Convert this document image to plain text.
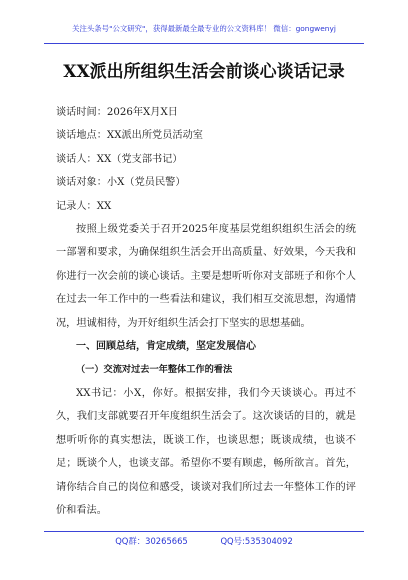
关注头条号"公文研究"，获得最新最全最专业的公文资料库！ 微信：gongwenyj
XX派出所组织生活会前谈心谈话记录
谈话时间：2026年X月X日
谈话地点：XX派出所党员活动室
谈话人：XX（党支部书记）
谈话对象：小X（党员民警）
记录人：XX

按照上级党委关于召开2025年度基层党组织组织生活会的统一部署和要求，为确保组织生活会开出高质量、好效果，今天我和你进行一次会前的谈心谈话。主要是想听听你对支部班子和你个人在过去一年工作中的一些看法和建议，我们相互交流思想，沟通情况，坦诚相待，为开好组织生活会打下坚实的思想基础。

一、回顾总结，肯定成绩，坚定发展信心
（一）交流对过去一年整体工作的看法

XX书记：小X，你好。根据安排，我们今天谈谈心。再过不久，我们支部就要召开年度组织生活会了。这次谈话的目的，就是想听听你的真实想法，既谈工作，也谈思想；既谈成绩，也谈不足；既谈个人，也谈支部。希望你不要有顾虑，畅所欲言。首先，请你结合自己的岗位和感受，谈谈对我们所过去一年整体工作的评价和看法。

QQ群：30265665	QQ号:535304092
